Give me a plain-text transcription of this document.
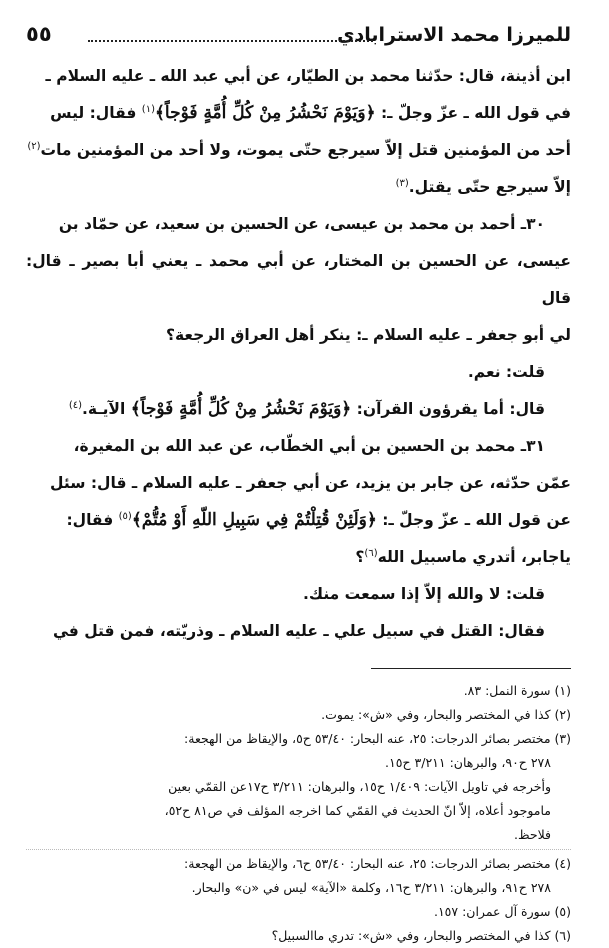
للميرزا محمد الاسترابادي
٥٥

ابن أذينة، قال: حدّثنا محمد بن الطيّار، عن أبي عبد الله ـ عليه السلام ـ

في قول الله ـ عزّ وجلّ ـ: ﴿وَيَوْمَ نَحْشُرُ مِنْ كُلِّ أُمَّةٍ فَوْجاً﴾$^{(١)}$ فقال: ليس

أحد من المؤمنين قتل إلاّ سيرجع حتّى يموت، ولا أحد من المؤمنين مات$^{(٢)}$

إلاّ سيرجع حتّى يقتل.$^{(٣)}$

٣٠ـ أحمد بن محمد بن عيسى، عن الحسين بن سعيد، عن حمّاد بن

عيسى، عن الحسين بن المختار، عن أبي محمد ـ يعني أبا بصير ـ قال: قال

لي أبو جعفر ـ عليه السلام ـ: ينكر أهل العراق الرجعة؟

قلت: نعم.

قال: أما يقرؤون القرآن: ﴿وَيَوْمَ نَحْشُرُ مِنْ كُلِّ أُمَّةٍ فَوْجاً﴾ الآيـة.$^{(٤)}$

٣١ـ محمد بن الحسين بن أبي الخطّاب، عن عبد الله بن المغيرة،

عمّن حدّثه، عن جابر بن يزيد، عن أبي جعفر ـ عليه السلام ـ قال: سئل

عن قول الله ـ عزّ وجلّ ـ: ﴿وَلَئِنْ قُتِلْتُمْ فِي سَبِيلِ اللّهِ أَوْ مُتُّمْ﴾$^{(٥)}$ فقال:

ياجابر، أتدري ماسبيل الله$^{(٦)}$؟

قلت: لا والله إلاّ إذا سمعت منك.

فقال: القتل في سبيل علي ـ عليه السلام ـ وذريّته، فمن قتل في

(١) سورة النمل: ٨٣.

(٢) كذا في المختصر والبحار، وفي «ش»: يموت.

(٣) مختصر بصائر الدرجات: ٢٥، عنه البحار: ٥٣/٤٠ ح٥، والإيقاظ من الهجعة:

٢٧٨ ح٩٠، والبرهان: ٣/٢١١ ح١٥.

وأخرجه في تاويل الآيات: ١/٤٠٩ ح١٥، والبرهان: ٣/٢١١ ح١٧عن القمّي بعين

ماموجود أعلاه، إلاّ انّ الحديث في القمّي كما اخرجه المؤلف في ص٨١ ح٥٢،

فلاحظ.

(٤) مختصر بصائر الدرجات: ٢٥، عنه البحار: ٥٣/٤٠ ح٦، والإيقاظ من الهجعة:

٢٧٨ ح٩١، والبرهان: ٣/٢١١ ح١٦، وكلمة «الآية» ليس في «ن» والبحار.

(٥) سورة آل عمران: ١٥٧.

(٦) كذا في المختصر والبحار، وفي «ش»: تدري ماالسبيل؟
